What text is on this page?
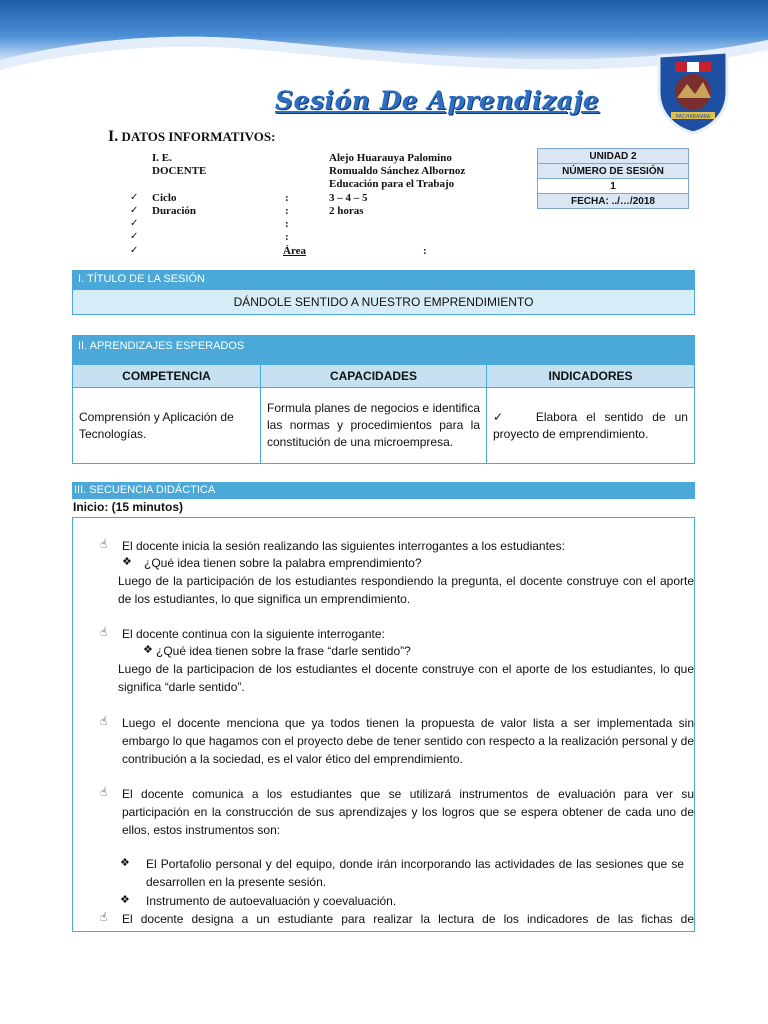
PACHABAMBA
Sesión De Aprendizaje
I. DATOS INFORMATIVOS:
I. E.	Alejo Huarauya Palomino
DOCENTE	Romualdo Sánchez Albornoz
Educación para el Trabajo
✓ Ciclo	:	3 – 4 – 5
✓ Duración	:	2 horas
✓	:
✓	:
✓	Área	:
UNIDAD 2
NÚMERO DE SESIÓN
1
FECHA: ../…/2018
I. TÍTULO DE LA SESIÓN
DÁNDOLE SENTIDO A NUESTRO EMPRENDIMIENTO
II. APRENDIZAJES ESPERADOS
COMPETENCIA	CAPACIDADES	INDICADORES
Comprensión y Aplicación de Tecnologías.	Formula planes de negocios e identifica las normas y procedimientos para la constitución de una microempresa.	✓ Elabora el sentido de un proyecto de emprendimiento.
III. SECUENCIA DIDÁCTICA
Inicio: (15 minutos)
☝ El docente inicia la sesión realizando las siguientes interrogantes a los estudiantes:
❖ ¿Qué idea tienen sobre la palabra emprendimiento?
Luego de la participación de los estudiantes respondiendo la pregunta, el docente construye con el aporte de los estudiantes, lo que significa un emprendimiento.
☝ El docente continua con la siguiente interrogante:
❖ ¿Qué idea tienen sobre la frase “darle sentido”?
Luego de la participacion de los estudiantes el docente construye con el aporte de los estudiantes, lo que significa “darle sentido”.
☝ Luego el docente menciona que ya todos tienen la propuesta de valor lista a ser implementada sin embargo lo que hagamos con el proyecto debe de tener sentido con respecto a la realización personal y de contribución a la sociedad, es el valor ético del emprendimiento.
☝ El docente comunica a los estudiantes que se utilizará instrumentos de evaluación para ver su participación en la construcción de sus aprendizajes y los logros que se espera obtener de cada uno de ellos, estos instrumentos son:
❖ El Portafolio personal y del equipo, donde irán incorporando las actividades de las sesiones que se desarrollen en la presente sesión.
❖ Instrumento de autoevaluación y coevaluación.
☝ El docente designa a un estudiante para realizar la lectura de los indicadores de las fichas de
